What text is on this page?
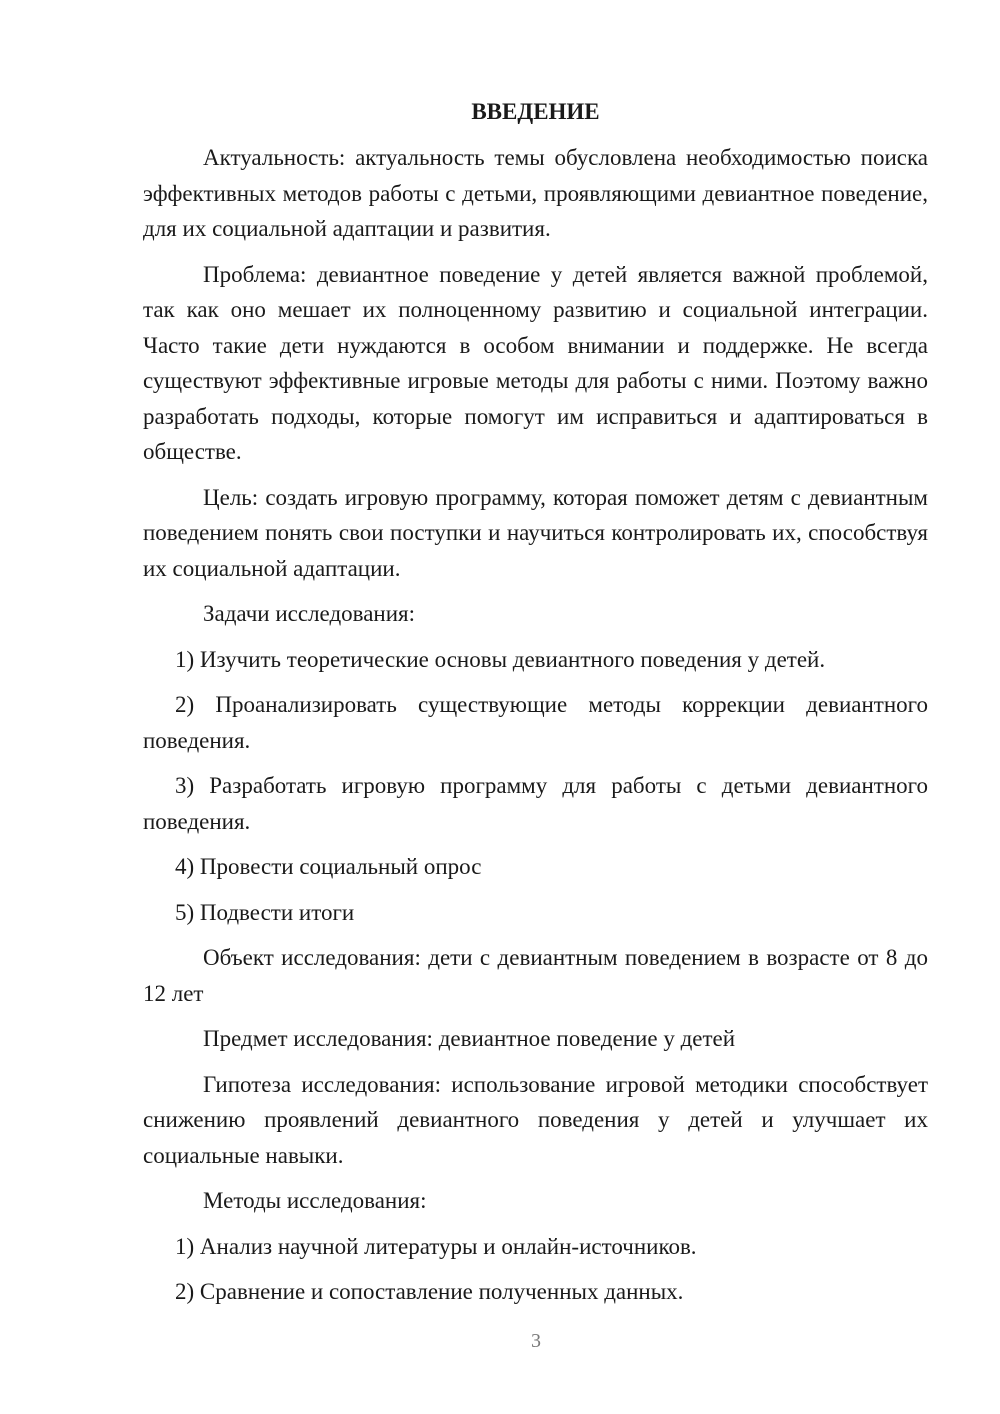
ВВЕДЕНИЕ

Актуальность: актуальность темы обусловлена необходимостью поиска эффективных методов работы с детьми, проявляющими девиантное поведение, для их социальной адаптации и развития.

Проблема: девиантное поведение у детей является важной проблемой, так как оно мешает их полноценному развитию и социальной интеграции. Часто такие дети нуждаются в особом внимании и поддержке. Не всегда существуют эффективные игровые методы для работы с ними. Поэтому важно разработать подходы, которые помогут им исправиться и адаптироваться в обществе.

Цель: создать игровую программу, которая поможет детям с девиантным поведением понять свои поступки и научиться контролировать их, способствуя их социальной адаптации.

Задачи исследования:

1) Изучить теоретические основы девиантного поведения у детей.

2) Проанализировать существующие методы коррекции девиантного поведения.

3) Разработать игровую программу для работы с детьми девиантного поведения.

4) Провести социальный опрос

5) Подвести итоги

Объект исследования: дети с девиантным поведением в возрасте от 8 до 12 лет

Предмет исследования: девиантное поведение у детей

Гипотеза исследования: использование игровой методики способствует снижению проявлений девиантного поведения у детей и улучшает их социальные навыки.

Методы исследования:

1) Анализ научной литературы и онлайн-источников.

2) Сравнение и сопоставление полученных данных.

3
